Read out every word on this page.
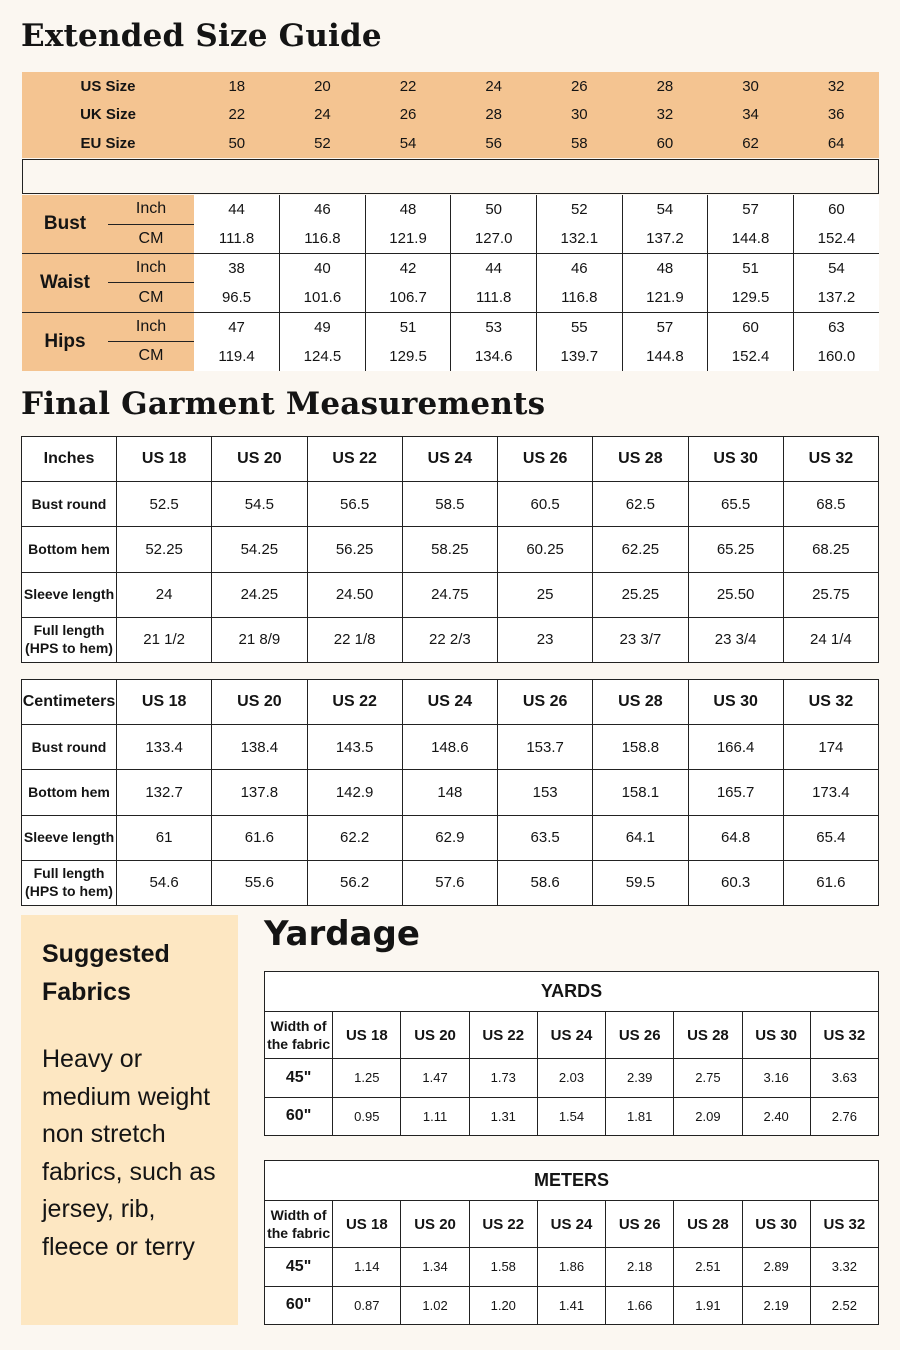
Extended Size Guide
US Size	18	20	22	24	26	28	30	32
UK Size	22	24	26	28	30	32	34	36
EU Size	50	52	54	56	58	60	62	64
Bust	Inch	44	46	48	50	52	54	57	60
	CM	111.8	116.8	121.9	127.0	132.1	137.2	144.8	152.4
Waist	Inch	38	40	42	44	46	48	51	54
	CM	96.5	101.6	106.7	111.8	116.8	121.9	129.5	137.2
Hips	Inch	47	49	51	53	55	57	60	63
	CM	119.4	124.5	129.5	134.6	139.7	144.8	152.4	160.0
Final Garment Measurements
Inches	US 18	US 20	US 22	US 24	US 26	US 28	US 30	US 32

Bust round	52.5	54.5	56.5	58.5	60.5	62.5	65.5	68.5

Bottom hem	52.25	54.25	56.25	58.25	60.25	62.25	65.25	68.25

Sleeve length	24	24.25	24.50	24.75	25	25.25	25.50	25.75

Full length
(HPS to hem)	21 1/2	21 8/9	22 1/8	22 2/3	23	23 3/7	23 3/4	24 1/4
Centimeters	US 18	US 20	US 22	US 24	US 26	US 28	US 30	US 32

Bust round	133.4	138.4	143.5	148.6	153.7	158.8	166.4	174

Bottom hem	132.7	137.8	142.9	148	153	158.1	165.7	173.4

Sleeve length	61	61.6	62.2	62.9	63.5	64.1	64.8	65.4

Full length
(HPS to hem)	54.6	55.6	56.2	57.6	58.6	59.5	60.3	61.6
Suggested Fabrics
Heavy or medium weight non stretch fabrics, such as jersey, rib, fleece or terry
Yardage
YARDS								

Width of
the fabric	US 18	US 20	US 22	US 24	US 26	US 28	US 30	US 32
45"	1.25	1.47	1.73	2.03	2.39	2.75	3.16	3.63
60"	0.95	1.11	1.31	1.54	1.81	2.09	2.40	2.76
METERS								

Width of
the fabric	US 18	US 20	US 22	US 24	US 26	US 28	US 30	US 32
45"	1.14	1.34	1.58	1.86	2.18	2.51	2.89	3.32
60"	0.87	1.02	1.20	1.41	1.66	1.91	2.19	2.52
